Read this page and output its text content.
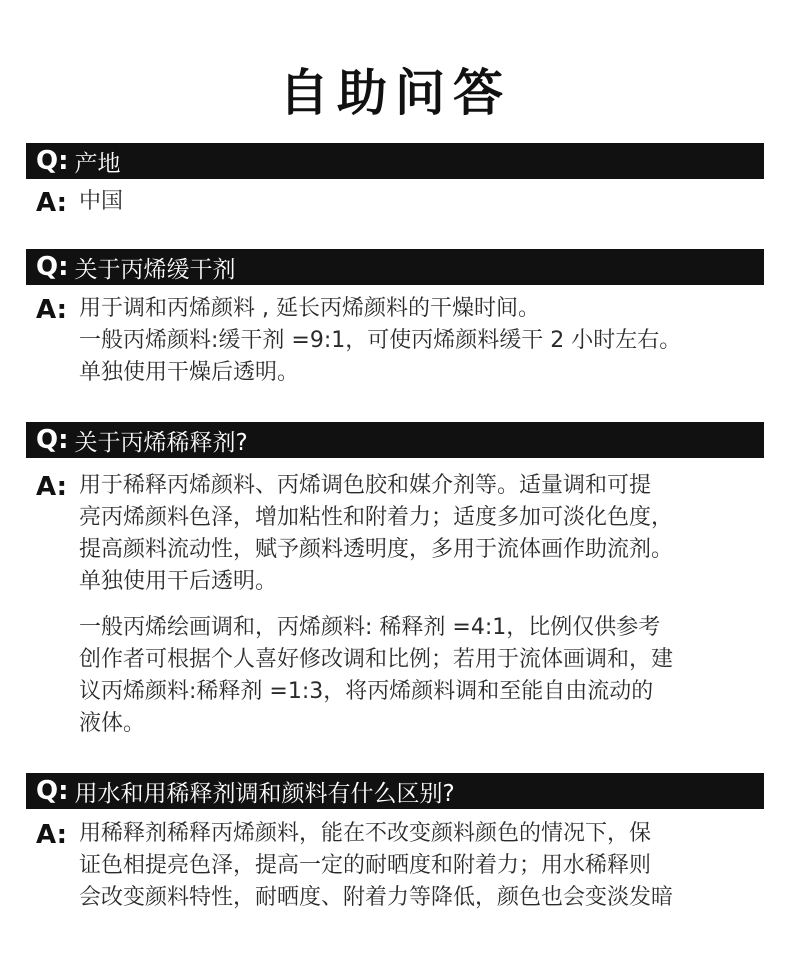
自助问答
Q: 产地
A: 中国

Q: 关于丙烯缓干剂
A: 用于调和丙烯颜料 , 延长丙烯颜料的干燥时间。
一般丙烯颜料:缓干剂 =9:1，可使丙烯颜料缓干 2 小时左右。
单独使用干燥后透明。

Q: 关于丙烯稀释剂?
A: 用于稀释丙烯颜料、丙烯调色胶和媒介剂等。适量调和可提
亮丙烯颜料色泽，增加粘性和附着力；适度多加可淡化色度，
提高颜料流动性，赋予颜料透明度，多用于流体画作助流剂。
单独使用干后透明。

一般丙烯绘画调和，丙烯颜料: 稀释剂 =4:1，比例仅供参考
创作者可根据个人喜好修改调和比例；若用于流体画调和，建
议丙烯颜料:稀释剂 =1:3，将丙烯颜料调和至能自由流动的
液体。

Q: 用水和用稀释剂调和颜料有什么区别?
A: 用稀释剂稀释丙烯颜料，能在不改变颜料颜色的情况下，保
证色相提亮色泽，提高一定的耐晒度和附着力；用水稀释则
会改变颜料特性，耐晒度、附着力等降低，颜色也会变淡发暗
